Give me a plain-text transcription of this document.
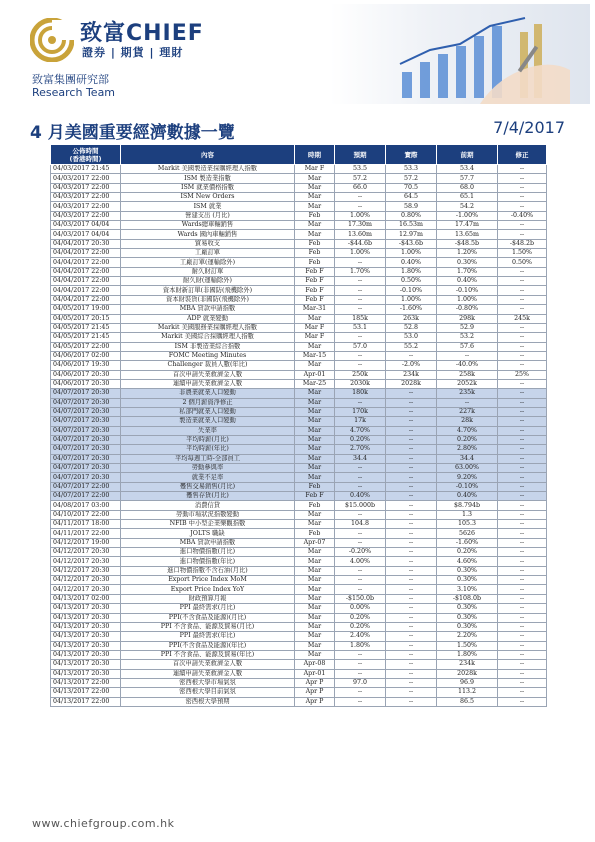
致富CHIEF
證券 | 期貨 | 理財
致富集團研究部
Research Team
4 月美國重要經濟數據一覽	7/4/2017
公佈時間
(香港時間)	內容	時期	預期	實際	前期	修正
04/03/2017 21:45	Markit 美國製造業採購經理人指數	Mar F	53.5	53.3	53.4	--
04/03/2017 22:00	ISM 製造業指數	Mar	57.2	57.2	57.7	--
04/03/2017 22:00	ISM 就業價格指數	Mar	66.0	70.5	68.0	--
04/03/2017 22:00	ISM New Orders	Mar	--	64.5	65.1	--
04/03/2017 22:00	ISM 就業	Mar	--	58.9	54.2	--
04/03/2017 22:00	營建支出 (月比)	Feb	1.00%	0.80%	-1.00%	-0.40%
04/03/2017 04/04	Wards總車輛銷售	Mar	17.30m	16.53m	17.47m	--
04/03/2017 04/04	Wards 國內車輛銷售	Mar	13.60m	12.97m	13.65m	--
04/04/2017 20:30	貿易收支	Feb	-$44.6b	-$43.6b	-$48.5b	-$48.2b
04/04/2017 22:00	工廠訂單	Feb	1.00%	1.00%	1.20%	1.50%
04/04/2017 22:00	工廠訂單(運輸除外)	Feb	--	0.40%	0.30%	0.50%
04/04/2017 22:00	耐久財訂單	Feb F	1.70%	1.80%	1.70%	--
04/04/2017 22:00	耐久財(運輸除外)	Feb F	--	0.50%	0.40%	--
04/04/2017 22:00	資本財新訂單(非國防(飛機除外)	Feb F	--	-0.10%	-0.10%	--
04/04/2017 22:00	資本財裝貨(非國防(飛機除外)	Feb F	--	1.00%	1.00%	--
04/05/2017 19:00	MBA 貸款申請指數	Mar-31	--	-1.60%	-0.80%	--
04/05/2017 20:15	ADP 就業變動	Mar	185k	263k	298k	245k
04/05/2017 21:45	Markit 美國服務業採購經理人指數	Mar F	53.1	52.8	52.9	--
04/05/2017 21:45	Markit 美國綜合採購經理人指數	Mar F	--	53.0	53.2	--
04/05/2017 22:00	ISM 非製造業綜合指數	Mar	57.0	55.2	57.6	--
04/06/2017 02:00	FOMC Meeting Minutes	Mar-15	--	--	--	--
04/06/2017 19:30	Challenger 裁員人數(年比)	Mar	--	-2.0%	-40.0%	--
04/06/2017 20:30	首次申請失業救濟金人數	Apr-01	250k	234k	258k	25%
04/06/2017 20:30	連續申請失業救濟金人數	Mar-25	2030k	2028k	2052k	--
04/07/2017 20:30	非農業就業人口變動	Mar	180k	--	235k	--
04/07/2017 20:30	2 個月薪資淨修正	Mar	--	--	--	--
04/07/2017 20:30	私部門就業人口變動	Mar	170k	--	227k	--
04/07/2017 20:30	製造業就業人口變動	Mar	17k	--	28k	--
04/07/2017 20:30	失業率	Mar	4.70%	--	4.70%	--
04/07/2017 20:30	平均時薪(月比)	Mar	0.20%	--	0.20%	--
04/07/2017 20:30	平均時薪(年比)	Mar	2.70%	--	2.80%	--
04/07/2017 20:30	平均每週工時-全部員工	Mar	34.4	--	34.4	--
04/07/2017 20:30	勞動參與率	Mar	--	--	63.00%	--
04/07/2017 20:30	就業不足率	Mar	--	--	9.20%	--
04/07/2017 22:00	躉售交易銷售(月比)	Feb	--	--	-0.10%	--
04/07/2017 22:00	躉售存貨(月比)	Feb F	0.40%	--	0.40%	--
04/08/2017 03:00	消費信貸	Feb	$15.000b	--	$8.794b	--
04/10/2017 22:00	勞動市場狀況指數變動	Mar	--	--	1.3	--
04/11/2017 18:00	NFIB 中小型企業樂觀指數	Mar	104.8	--	105.3	--
04/11/2017 22:00	JOLTS 職缺	Feb	--	--	5626	--
04/12/2017 19:00	MBA 貸款申請指數	Apr-07	--	--	-1.60%	--
04/12/2017 20:30	進口物價指數(月比)	Mar	-0.20%	--	0.20%	--
04/12/2017 20:30	進口物價指數(年比)	Mar	4.00%	--	4.60%	--
04/12/2017 20:30	進口物價指數不含石油(月比)	Mar	--	--	0.30%	--
04/12/2017 20:30	Export Price Index MoM	Mar	--	--	0.30%	--
04/12/2017 20:30	Export Price Index YoY	Mar	--	--	3.10%	--
04/13/2017 02:00	財政預算月報	Mar	-$150.0b	--	-$108.0b	--
04/13/2017 20:30	PPI 最終需求(月比)	Mar	0.00%	--	0.30%	--
04/13/2017 20:30	PPI(不含食品及能源)(月比)	Mar	0.20%	--	0.30%	--
04/13/2017 20:30	PPI 不含食品、能源及貿易(月比)	Mar	0.20%	--	0.30%	--
04/13/2017 20:30	PPI 最終需求(年比)	Mar	2.40%	--	2.20%	--
04/13/2017 20:30	PPI(不含食品及能源)(年比)	Mar	1.80%	--	1.50%	--
04/13/2017 20:30	PPI 不含食品、能源及貿易(年比)	Mar	--	--	1.80%	--
04/13/2017 20:30	首次申請失業救濟金人數	Apr-08	--	--	234k	--
04/13/2017 20:30	連續申請失業救濟金人數	Apr-01	--	--	2028k	--
04/13/2017 22:00	密西根大學市場氣氛	Apr P	97.0	--	96.9	--
04/13/2017 22:00	密西根大學目前氣氛	Apr P	--	--	113.2	--
04/13/2017 22:00	密西根大學預期	Apr P	--	--	86.5	--
www.chiefgroup.com.hk
